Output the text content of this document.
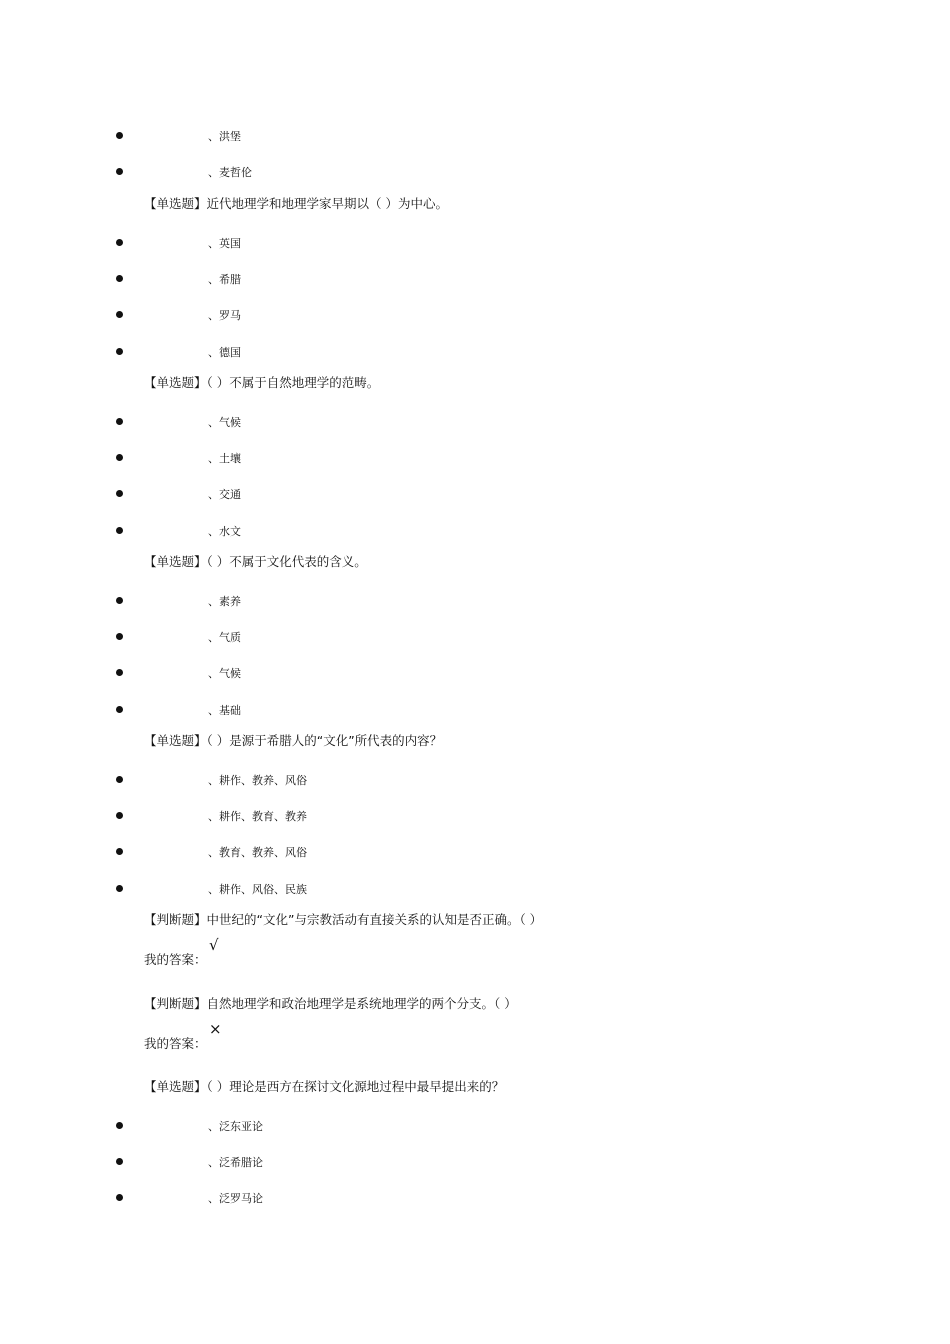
、洪堡
、麦哲伦
【单选题】近代地理学和地理学家早期以（ ）为中心。
、英国
、希腊
、罗马
、德国
【单选题】（ ）不属于自然地理学的范畴。
、气候
、土壤
、交通
、水文
【单选题】（ ）不属于文化代表的含义。
、素养
、气质
、气候
、基础
【单选题】（ ）是源于希腊人的“文化”所代表的内容？
、耕作、教养、风俗
、耕作、教育、教养
、教育、教养、风俗
、耕作、风俗、民族
【判断题】中世纪的“文化”与宗教活动有直接关系的认知是否正确。（ ）
我的答案：
√
【判断题】自然地理学和政治地理学是系统地理学的两个分支。（ ）
我的答案：
×
【单选题】（ ）理论是西方在探讨文化源地过程中最早提出来的？
、泛东亚论
、泛希腊论
、泛罗马论
